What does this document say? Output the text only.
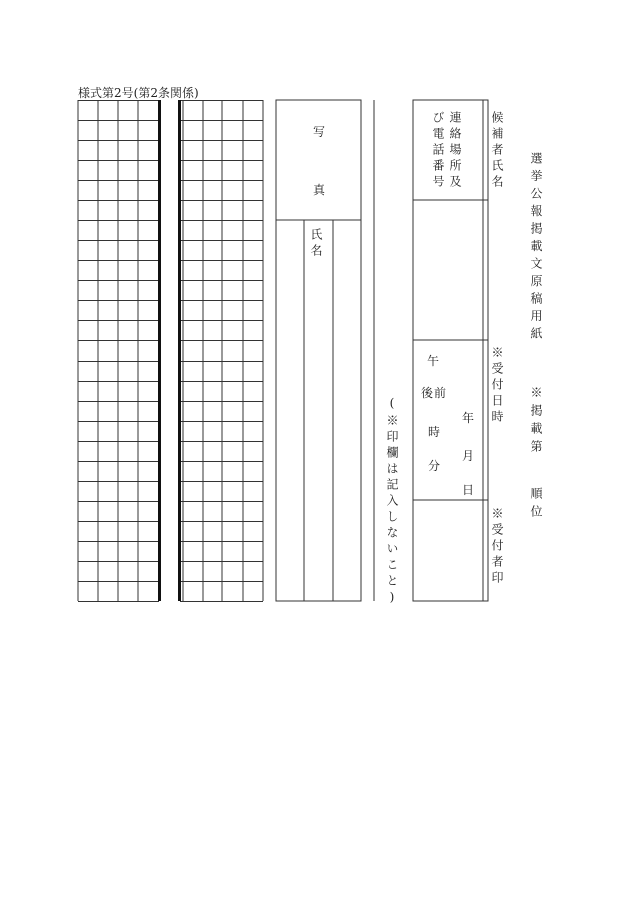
様式第2号(第2条関係)
写
真
氏名
(※印欄は記入しないこと)
候補者氏名
連絡場所及
び電話番号
※受付日時
午
前
後
年
月
日
時
分
※受付者印
選挙公報掲載文原稿用紙
※掲載第
順位
